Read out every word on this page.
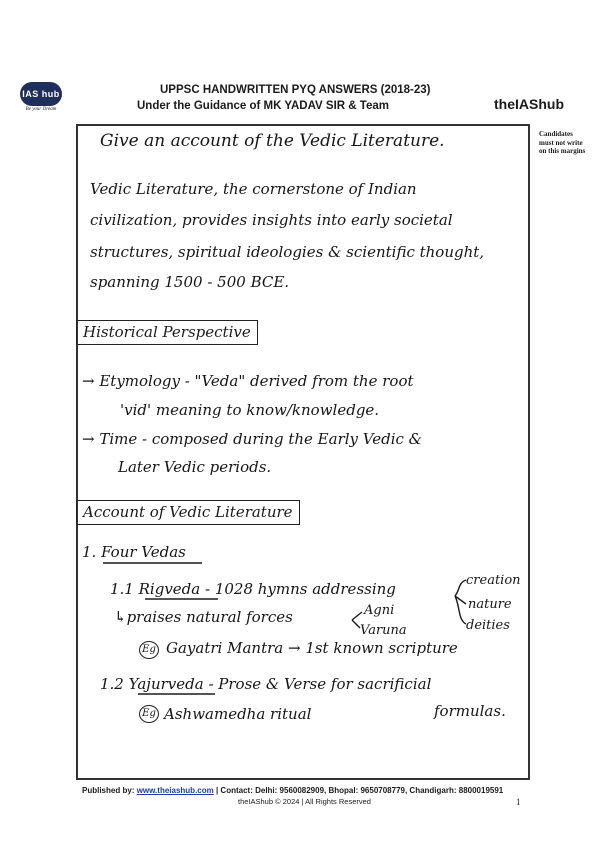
IAS hub
Be your Dream
UPPSC HANDWRITTEN PYQ ANSWERS (2018-23)
Under the Guidance of MK YADAV SIR & Team	theIAShub
Candidates must not write on this margins
Give an account of the Vedic Literature.
Vedic Literature, the cornerstone of Indian
civilization, provides insights into early societal
structures, spiritual ideologies & scientific thought,
spanning 1500 - 500 BCE.
Historical Perspective
→ Etymology - "Veda" derived from the root
'vid' meaning to know/knowledge.
→ Time - composed during the Early Vedic &
Later Vedic periods.
Account of Vedic Literature
1. Four Vedas
1.1 Rigveda - 1028 hymns addressing	creation
nature
deities
↳praises natural forces	Agni
Varuna
Eg Gayatri Mantra → 1st known scripture
1.2 Yajurveda - Prose & Verse for sacrificial
formulas.
Eg Ashwamedha ritual
Published by: www.theiashub.com | Contact: Delhi: 9560082909, Bhopal: 9650708779, Chandigarh: 8800019591
theIAShub © 2024 | All Rights Reserved	1
